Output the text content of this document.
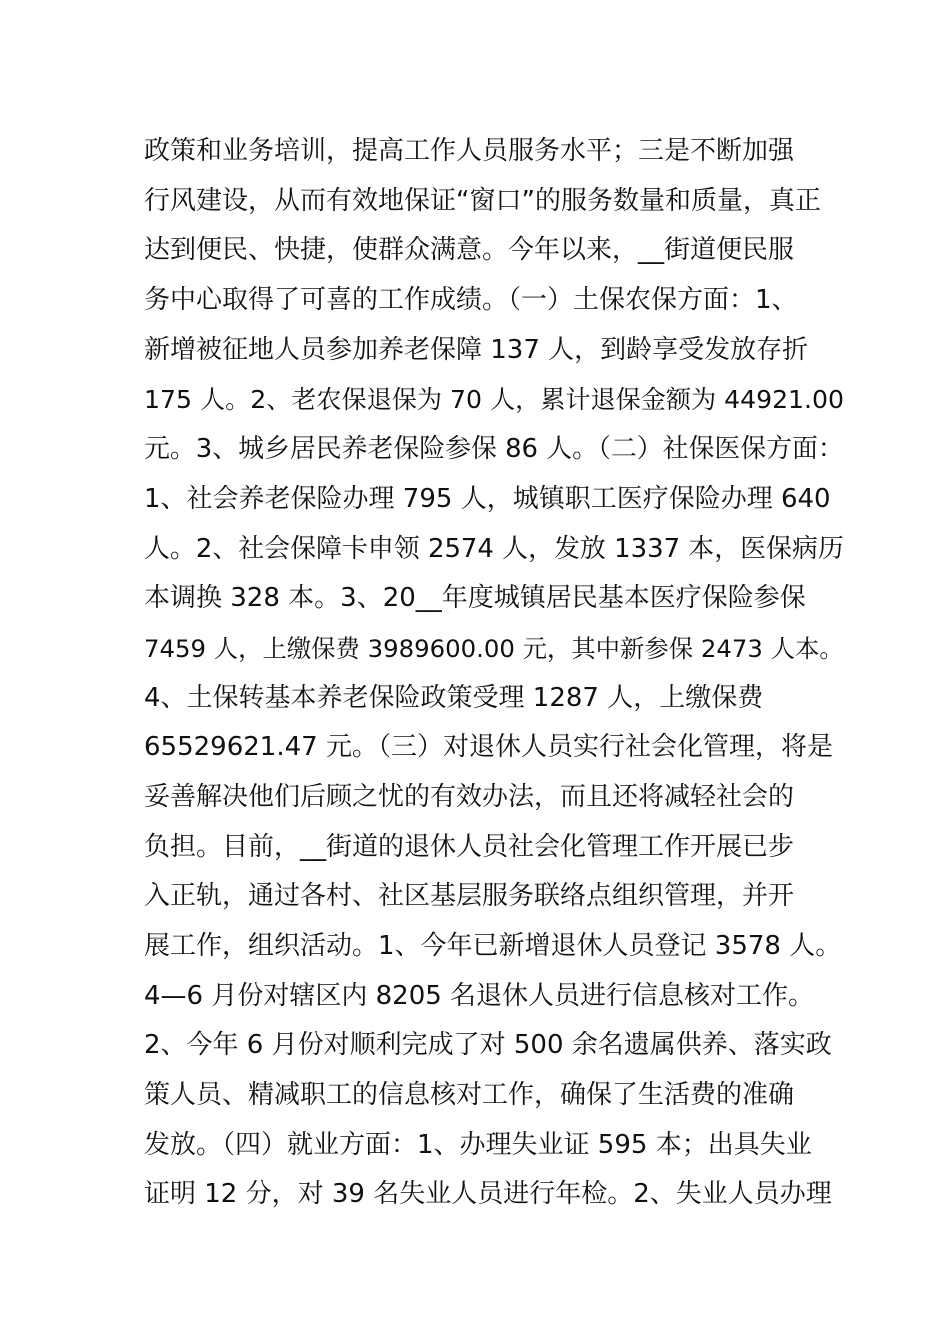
政策和业务培训，提高工作人员服务水平；三是不断加强
行风建设，从而有效地保证“窗口”的服务数量和质量，真正
达到便民、快捷，使群众满意。今年以来，__街道便民服
务中心取得了可喜的工作成绩。（一）土保农保方面：1、
新增被征地人员参加养老保障 137 人，到龄享受发放存折
175 人。2、老农保退保为 70 人，累计退保金额为 44921.00
元。3、城乡居民养老保险参保 86 人。（二）社保医保方面：
1、社会养老保险办理 795 人，城镇职工医疗保险办理 640
人。2、社会保障卡申领 2574 人，发放 1337 本，医保病历
本调换 328 本。3、20__年度城镇居民基本医疗保险参保
7459 人，上缴保费 3989600.00 元，其中新参保 2473 人本。
4、土保转基本养老保险政策受理 1287 人，上缴保费
65529621.47 元。（三）对退休人员实行社会化管理，将是
妥善解决他们后顾之忧的有效办法，而且还将减轻社会的
负担。目前，__街道的退休人员社会化管理工作开展已步
入正轨，通过各村、社区基层服务联络点组织管理，并开
展工作，组织活动。1、今年已新增退休人员登记 3578 人。
4—6 月份对辖区内 8205 名退休人员进行信息核对工作。
2、今年 6 月份对顺利完成了对 500 余名遗属供养、落实政
策人员、精减职工的信息核对工作，确保了生活费的准确
发放。（四）就业方面：1、办理失业证 595 本；出具失业
证明 12 分，对 39 名失业人员进行年检。2、失业人员办理
